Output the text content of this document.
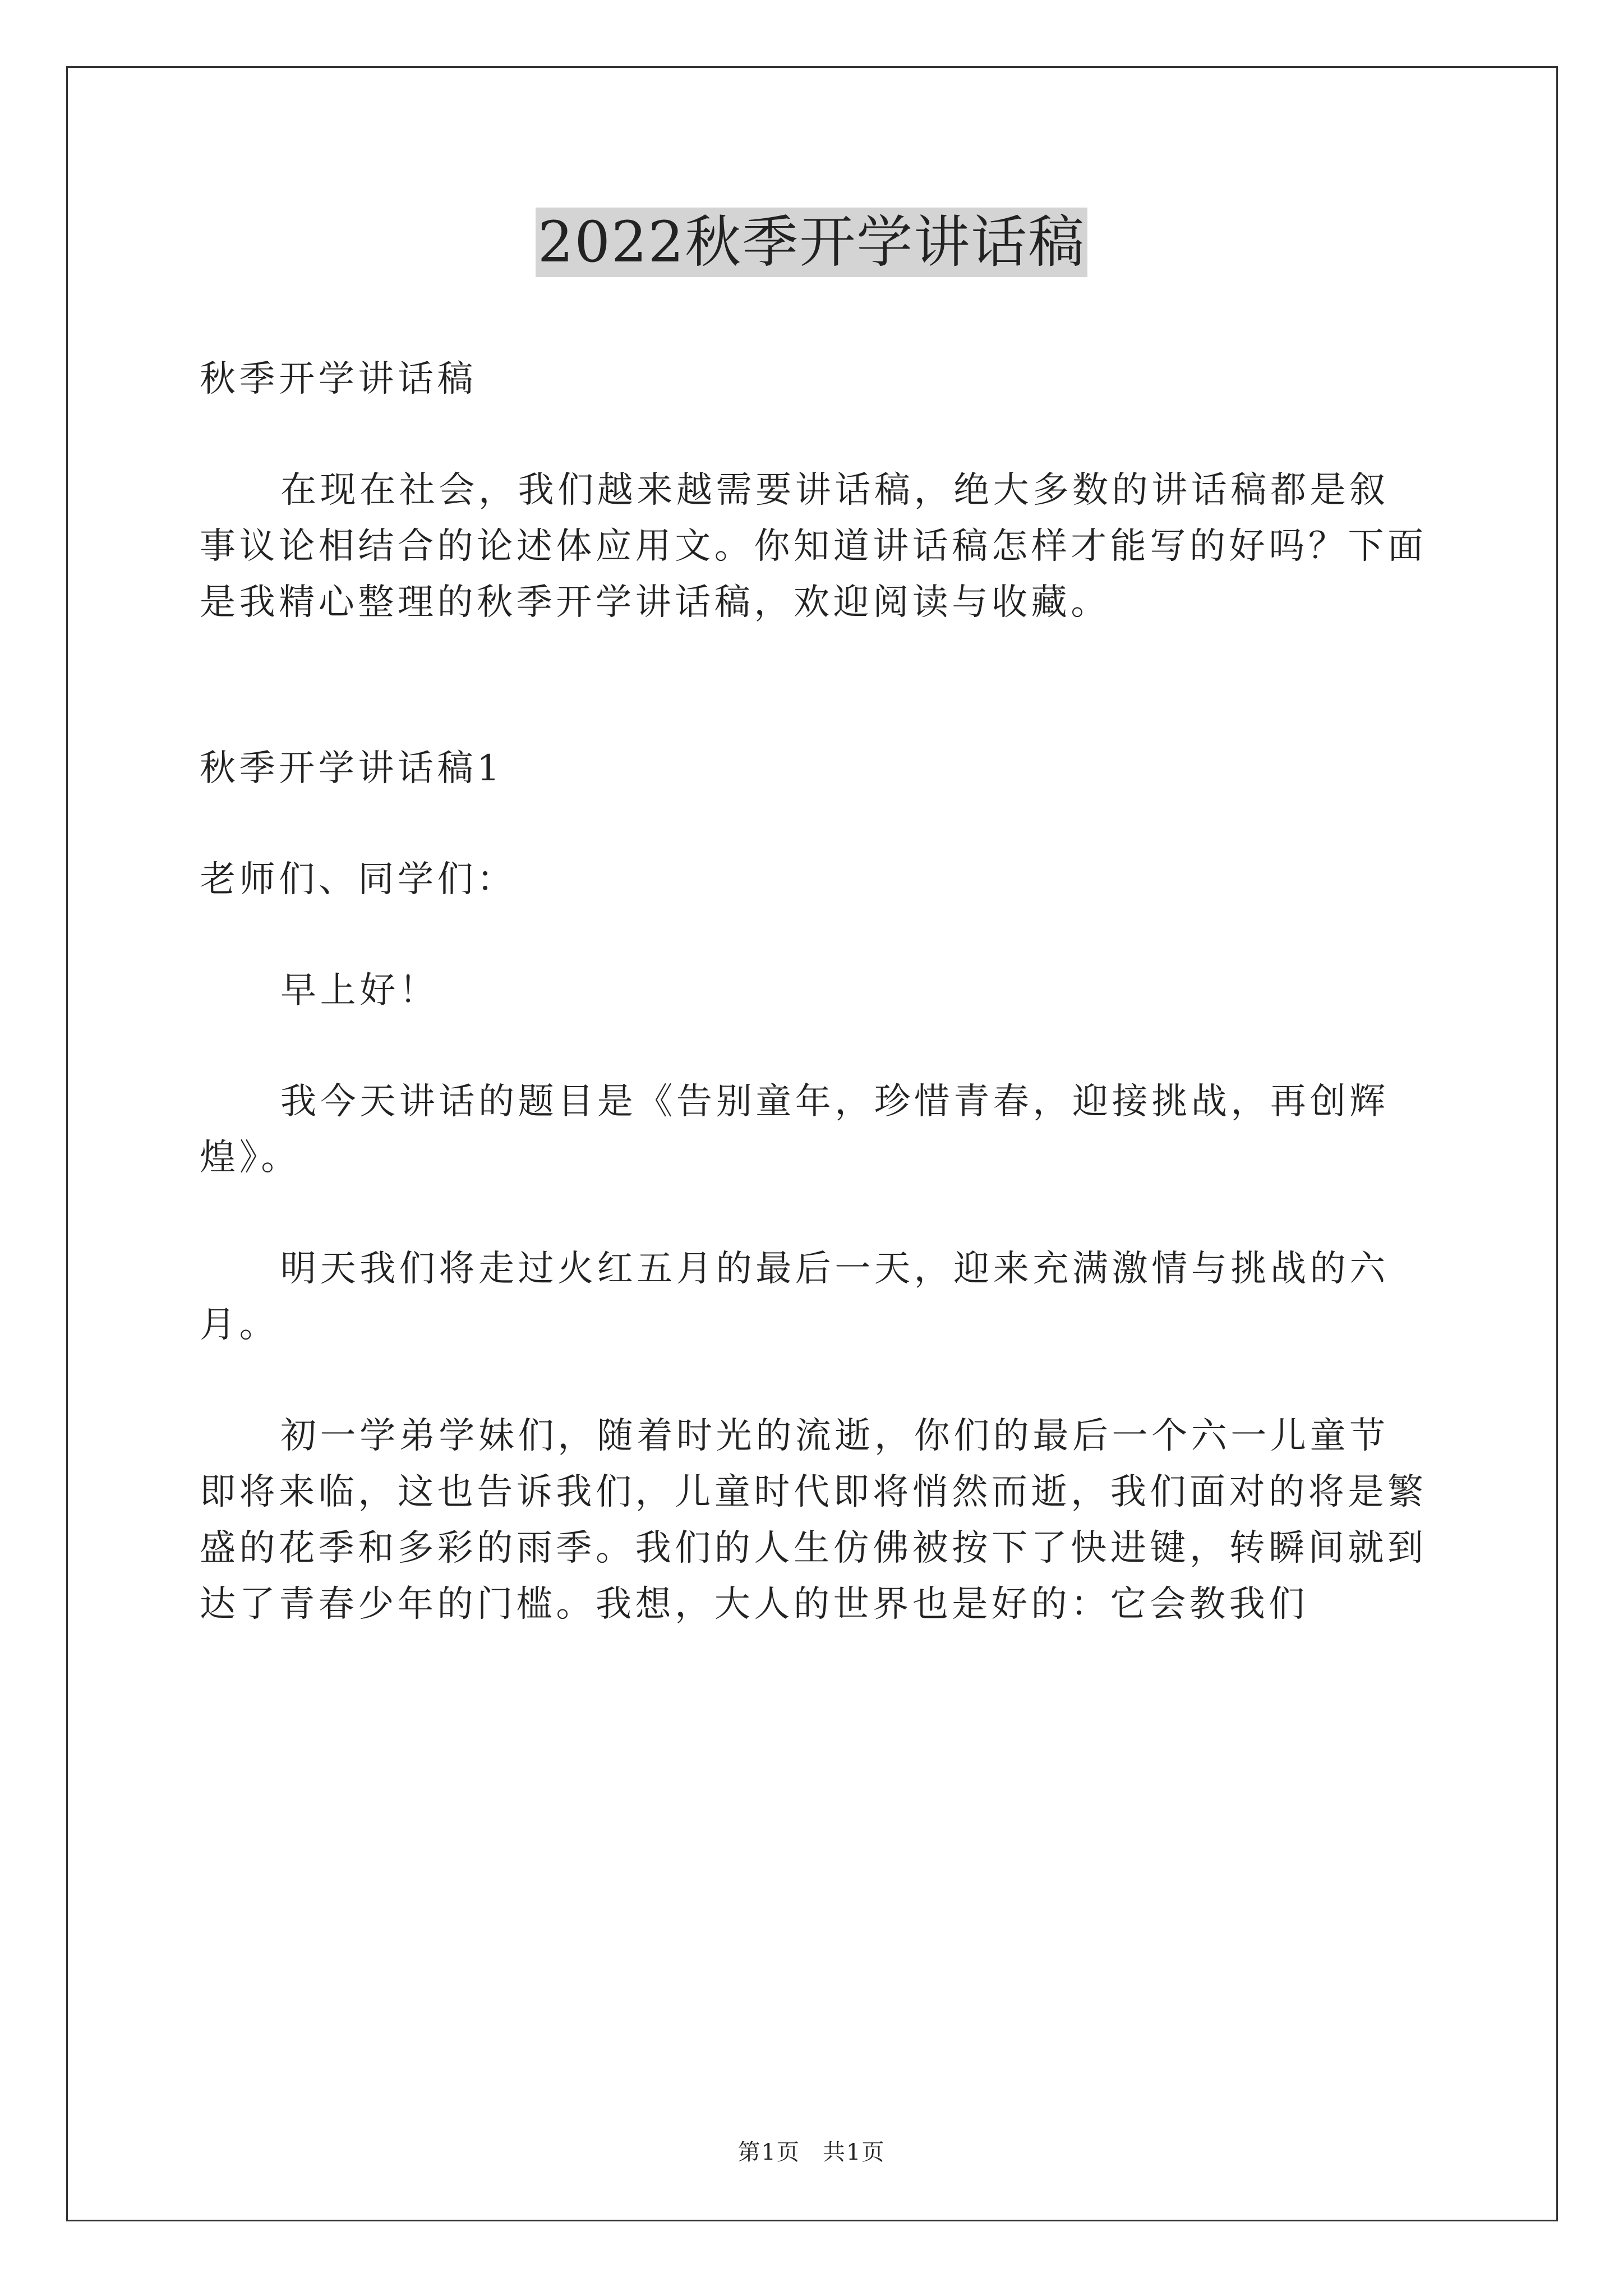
2022秋季开学讲话稿

秋季开学讲话稿

在现在社会，我们越来越需要讲话稿，绝大多数的讲话稿都是叙事议论相结合的论述体应用文。你知道讲话稿怎样才能写的好吗？下面是我精心整理的秋季开学讲话稿，欢迎阅读与收藏。

秋季开学讲话稿1

老师们、同学们：

早上好！

我今天讲话的题目是《告别童年，珍惜青春，迎接挑战，再创辉煌》。

明天我们将走过火红五月的最后一天，迎来充满激情与挑战的六月。

初一学弟学妹们，随着时光的流逝，你们的最后一个六一儿童节即将来临，这也告诉我们，儿童时代即将悄然而逝，我们面对的将是繁盛的花季和多彩的雨季。我们的人生仿佛被按下了快进键，转瞬间就到达了青春少年的门槛。我想，大人的世界也是好的：它会教我们

第1页 共1页
